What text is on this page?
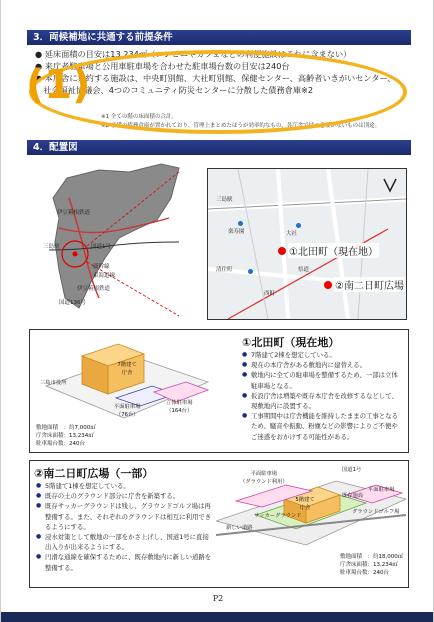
3．両候補地に共通する前提条件
● 延床面積の目安は13,234㎡（コンビニやカフェなどの利便施設はこれに含まない）
● 来庁者駐車場と公用車駐車場を合わせた駐車場台数の目安は240台
● 本庁舎に集約する施設は、中央町別館、大社町別館、保健センター、高齢者いきがいセンター、
　社会福祉協議会、4つのコミュニティ防災センターに分散した債務倉庫※2
※1 全ての階の床面積の合計。
※2 予備の債務倉庫が置かれており、管理上まとめたほうが効率的なもの、各庁舎で持つ必要がないものは別途。
(1)
4．配置図
伊豆箱根鉄道
国道1号
三島駅
新幹線
東海道線
伊豆箱根鉄道
国道136号
三島駅
楽寿園	大社
清住町
西町
県道
①北田町（現在地）
②南二日町広場
三島市役所
7階建て
庁舎
平面駐車場
（76台）
立体駐車場
（164台）
敷地面積　：約7,000㎡
庁舎床面積：13,234㎡
駐車場台数：240台
①北田町（現在地）
● 7階建て2棟を想定している。
● 現在の本庁舎がある敷地内に建替える。
● 敷地内に全ての駐車場を整備するため、一部は立体駐車場となる。
● 仮設庁舎は増築や既存本庁舎を改修するなどして、現敷地内に設置する。
● 工事期間中は庁舎機能を維持したままの工事となるため、騒音や振動、粉塵などの影響によりご不便やご迷惑をおかけする可能性がある。
②南二日町広場（一部）
● 5階建て1棟を想定している。
● 既存の土のグラウンド部分に庁舎を新築する。
● 既存サッカーグラウンドは残し、グラウンドゴルフ場は再整備する。また、それぞれのグラウンドは相互に利用できるようにする。
● 浸水対策として敷地の一部をかさ上げし、国道1号に直接出入りが出来るようにする。
● 円滑な通線を確保するために、既存敷地内に新しい道路を整備する。
平面駐車場
（グラウンド利用）
国道1号
5階建て
庁舎
平面駐車場
既存施設
新しい道路
サッカーグラウンド
グラウンドゴルフ場
敷地面積　：約18,000㎡
庁舎床面積：13,234㎡
駐車場台数：240台
P2
